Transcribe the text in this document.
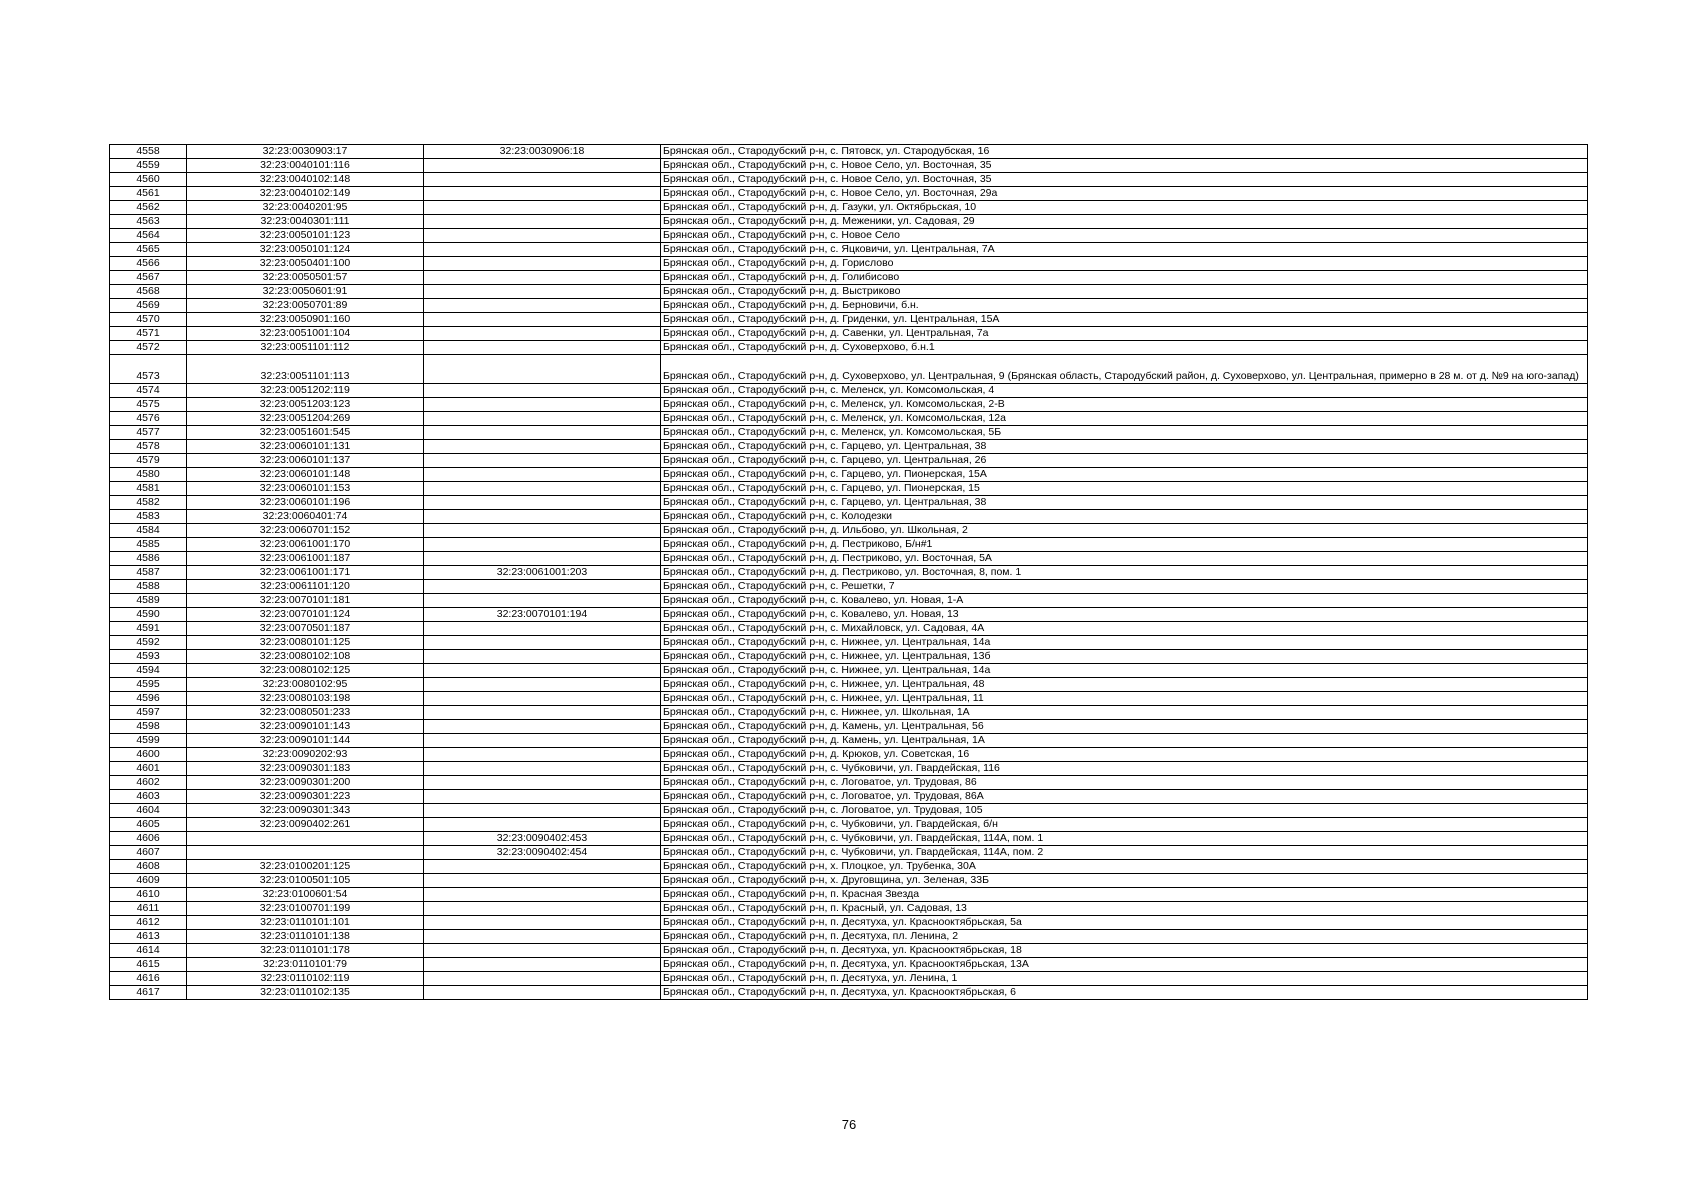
4558	32:23:0030903:17	32:23:0030906:18	Брянская обл., Стародубский р-н, с. Пятовск, ул. Стародубская, 16
4559	32:23:0040101:116		Брянская обл., Стародубский р-н, с. Новое Село, ул. Восточная, 35
4560	32:23:0040102:148		Брянская обл., Стародубский р-н, с. Новое Село, ул. Восточная, 35
4561	32:23:0040102:149		Брянская обл., Стародубский р-н, с. Новое Село, ул. Восточная, 29а
4562	32:23:0040201:95		Брянская обл., Стародубский р-н, д. Газуки, ул. Октябрьская, 10
4563	32:23:0040301:111		Брянская обл., Стародубский р-н, д. Меженики, ул. Садовая, 29
4564	32:23:0050101:123		Брянская обл., Стародубский р-н, с. Новое Село
4565	32:23:0050101:124		Брянская обл., Стародубский р-н, с. Яцковичи, ул. Центральная, 7А
4566	32:23:0050401:100		Брянская обл., Стародубский р-н, д. Горислово
4567	32:23:0050501:57		Брянская обл., Стародубский р-н, д. Голибисово
4568	32:23:0050601:91		Брянская обл., Стародубский р-н, д. Выстриково
4569	32:23:0050701:89		Брянская обл., Стародубский р-н, д. Берновичи, б.н.
4570	32:23:0050901:160		Брянская обл., Стародубский р-н, д. Гриденки, ул. Центральная, 15А
4571	32:23:0051001:104		Брянская обл., Стародубский р-н, д. Савенки, ул. Центральная, 7а
4572	32:23:0051101:112		Брянская обл., Стародубский р-н, д. Суховерхово, б.н.1
4573	32:23:0051101:113		Брянская обл., Стародубский р-н, д. Суховерхово, ул. Центральная, 9 (Брянская область, Стародубский район, д. Суховерхово, ул. Центральная, примерно в 28 м. от д. №9 на юго-запад)
4574	32:23:0051202:119		Брянская обл., Стародубский р-н, с. Меленск, ул. Комсомольская, 4
4575	32:23:0051203:123		Брянская обл., Стародубский р-н, с. Меленск, ул. Комсомольская, 2-В
4576	32:23:0051204:269		Брянская обл., Стародубский р-н, с. Меленск, ул. Комсомольская, 12а
4577	32:23:0051601:545		Брянская обл., Стародубский р-н, с. Меленск, ул. Комсомольская, 5Б
4578	32:23:0060101:131		Брянская обл., Стародубский р-н, с. Гарцево, ул. Центральная, 38
4579	32:23:0060101:137		Брянская обл., Стародубский р-н, с. Гарцево, ул. Центральная, 26
4580	32:23:0060101:148		Брянская обл., Стародубский р-н, с. Гарцево, ул. Пионерская, 15А
4581	32:23:0060101:153		Брянская обл., Стародубский р-н, с. Гарцево, ул. Пионерская, 15
4582	32:23:0060101:196		Брянская обл., Стародубский р-н, с. Гарцево, ул. Центральная, 38
4583	32:23:0060401:74		Брянская обл., Стародубский р-н, с. Колодезки
4584	32:23:0060701:152		Брянская обл., Стародубский р-н, д. Ильбово, ул. Школьная, 2
4585	32:23:0061001:170		Брянская обл., Стародубский р-н, д. Пестриково, Б/н#1
4586	32:23:0061001:187		Брянская обл., Стародубский р-н, д. Пестриково, ул. Восточная, 5А
4587	32:23:0061001:171	32:23:0061001:203	Брянская обл., Стародубский р-н, д. Пестриково, ул. Восточная, 8, пом. 1
4588	32:23:0061101:120		Брянская обл., Стародубский р-н, с. Решетки, 7
4589	32:23:0070101:181		Брянская обл., Стародубский р-н, с. Ковалево, ул. Новая, 1-А
4590	32:23:0070101:124	32:23:0070101:194	Брянская обл., Стародубский р-н, с. Ковалево, ул. Новая, 13
4591	32:23:0070501:187		Брянская обл., Стародубский р-н, с. Михайловск, ул. Садовая, 4А
4592	32:23:0080101:125		Брянская обл., Стародубский р-н, с. Нижнее, ул. Центральная, 14а
4593	32:23:0080102:108		Брянская обл., Стародубский р-н, с. Нижнее, ул. Центральная, 13б
4594	32:23:0080102:125		Брянская обл., Стародубский р-н, с. Нижнее, ул. Центральная, 14а
4595	32:23:0080102:95		Брянская обл., Стародубский р-н, с. Нижнее, ул. Центральная, 48
4596	32:23:0080103:198		Брянская обл., Стародубский р-н, с. Нижнее, ул. Центральная, 11
4597	32:23:0080501:233		Брянская обл., Стародубский р-н, с. Нижнее, ул. Школьная, 1А
4598	32:23:0090101:143		Брянская обл., Стародубский р-н, д. Камень, ул. Центральная, 56
4599	32:23:0090101:144		Брянская обл., Стародубский р-н, д. Камень, ул. Центральная, 1А
4600	32:23:0090202:93		Брянская обл., Стародубский р-н, д. Крюков, ул. Советская, 16
4601	32:23:0090301:183		Брянская обл., Стародубский р-н, с. Чубковичи, ул. Гвардейская, 116
4602	32:23:0090301:200		Брянская обл., Стародубский р-н, с. Логоватое, ул. Трудовая, 86
4603	32:23:0090301:223		Брянская обл., Стародубский р-н, с. Логоватое, ул. Трудовая, 86А
4604	32:23:0090301:343		Брянская обл., Стародубский р-н, с. Логоватое, ул. Трудовая, 105
4605	32:23:0090402:261		Брянская обл., Стародубский р-н, с. Чубковичи, ул. Гвардейская, б/н
4606		32:23:0090402:453	Брянская обл., Стародубский р-н, с. Чубковичи, ул. Гвардейская, 114А, пом. 1
4607		32:23:0090402:454	Брянская обл., Стародубский р-н, с. Чубковичи, ул. Гвардейская, 114А, пом. 2
4608	32:23:0100201:125		Брянская обл., Стародубский р-н, х. Плоцкое, ул. Трубенка, 30А
4609	32:23:0100501:105		Брянская обл., Стародубский р-н, х. Друговщина, ул. Зеленая, 33Б
4610	32:23:0100601:54		Брянская обл., Стародубский р-н, п. Красная Звезда
4611	32:23:0100701:199		Брянская обл., Стародубский р-н, п. Красный, ул. Садовая, 13
4612	32:23:0110101:101		Брянская обл., Стародубский р-н, п. Десятуха, ул. Краснооктябрьская, 5а
4613	32:23:0110101:138		Брянская обл., Стародубский р-н, п. Десятуха, пл. Ленина, 2
4614	32:23:0110101:178		Брянская обл., Стародубский р-н, п. Десятуха, ул. Краснооктябрьская, 18
4615	32:23:0110101:79		Брянская обл., Стародубский р-н, п. Десятуха, ул. Краснооктябрьская, 13А
4616	32:23:0110102:119		Брянская обл., Стародубский р-н, п. Десятуха, ул. Ленина, 1
4617	32:23:0110102:135		Брянская обл., Стародубский р-н, п. Десятуха, ул. Краснооктябрьская, 6
76
